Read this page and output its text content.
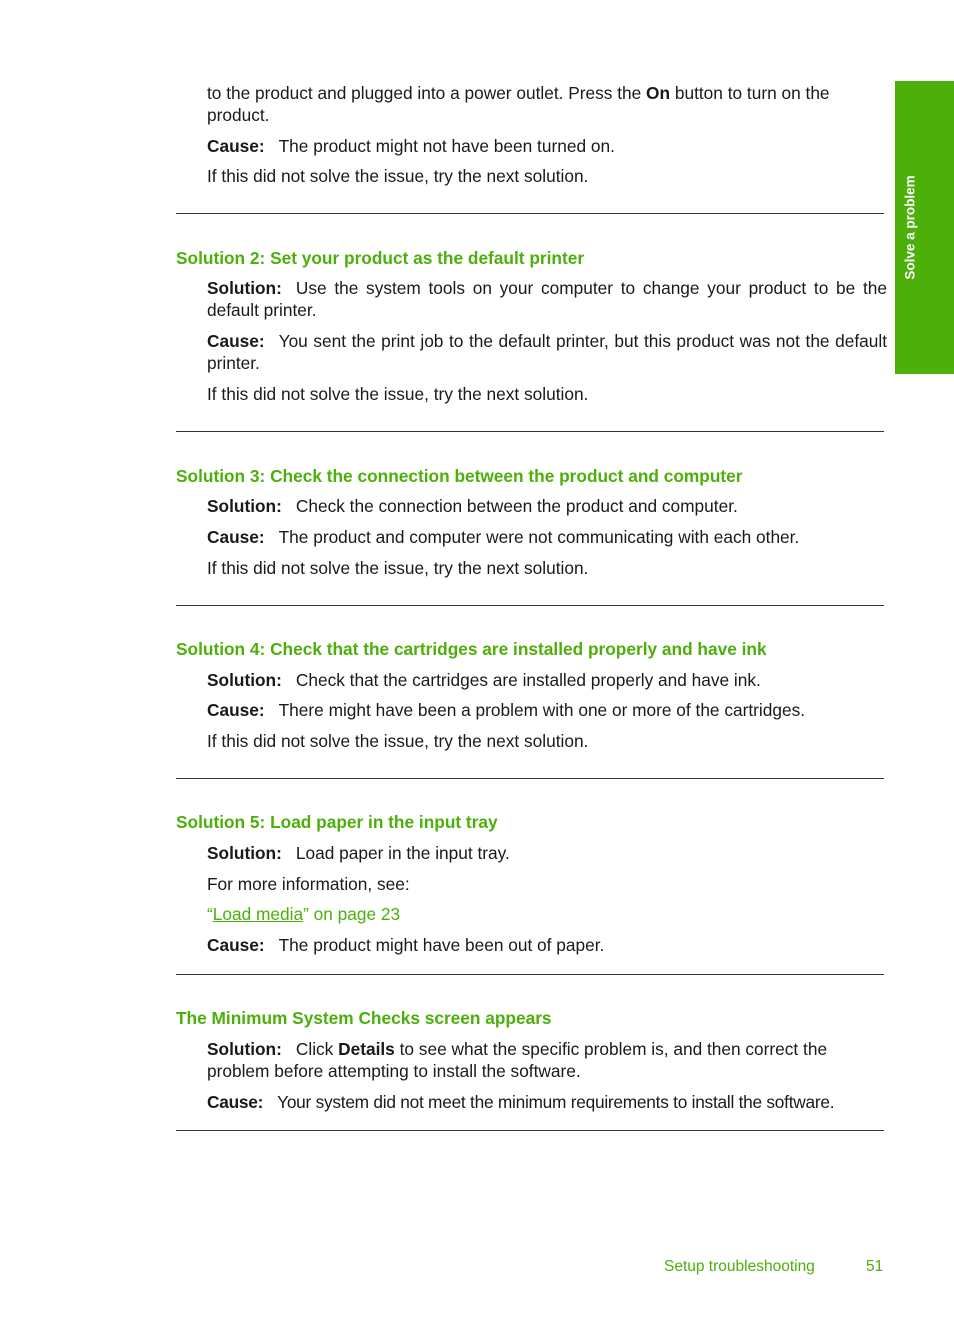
Solve a problem

to the product and plugged into a power outlet. Press the On button to turn on the product.

Cause: The product might not have been turned on.

If this did not solve the issue, try the next solution.

Solution 2: Set your product as the default printer

Solution: Use the system tools on your computer to change your product to be the default printer.

Cause: You sent the print job to the default printer, but this product was not the default printer.

If this did not solve the issue, try the next solution.

Solution 3: Check the connection between the product and computer

Solution: Check the connection between the product and computer.

Cause: The product and computer were not communicating with each other.

If this did not solve the issue, try the next solution.

Solution 4: Check that the cartridges are installed properly and have ink

Solution: Check that the cartridges are installed properly and have ink.

Cause: There might have been a problem with one or more of the cartridges.

If this did not solve the issue, try the next solution.

Solution 5: Load paper in the input tray

Solution: Load paper in the input tray.

For more information, see:

“Load media” on page 23

Cause: The product might have been out of paper.

The Minimum System Checks screen appears

Solution: Click Details to see what the specific problem is, and then correct the problem before attempting to install the software.

Cause: Your system did not meet the minimum requirements to install the software.

Setup troubleshooting	51
